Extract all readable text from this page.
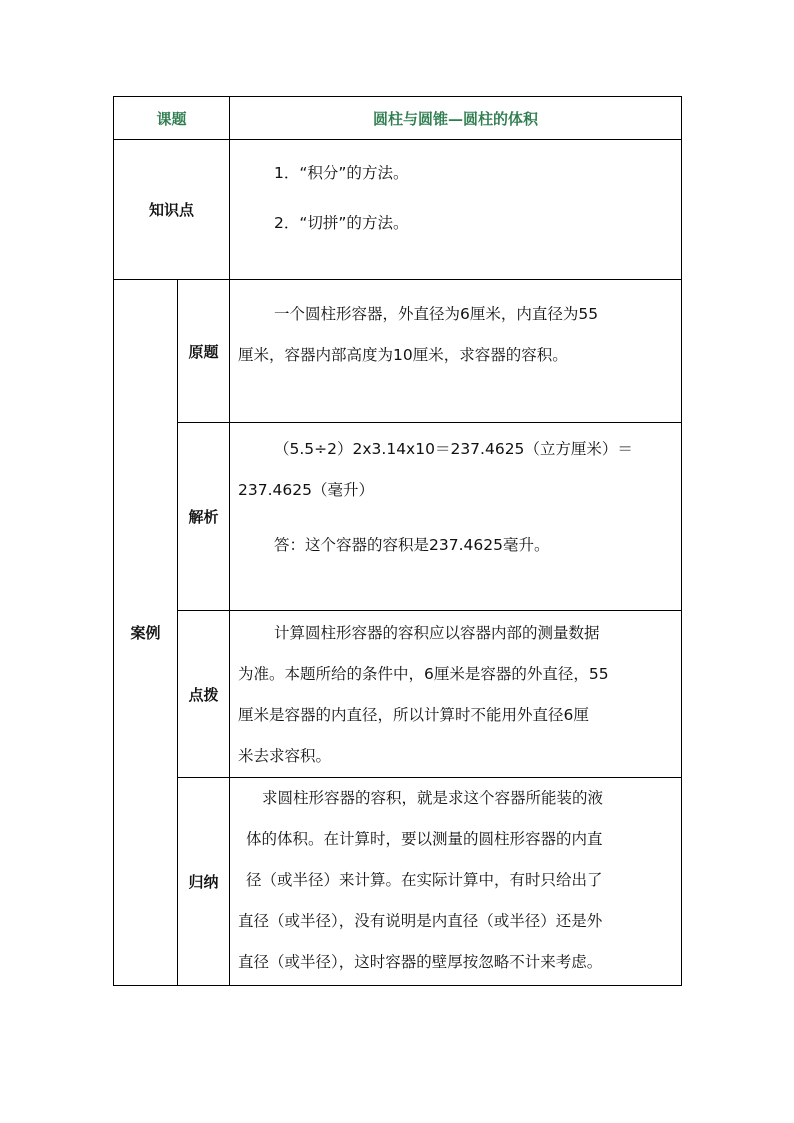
课题		圆柱与圆锥—圆柱的体积
知识点		1．“积分”的方法。

2．“切拼”的方法。

案例	原题	一个圆柱形容器，外直径为6厘米，内直径为55

厘米，容器内部高度为10厘米，求容器的容积。

	解析	（5.5÷2）2x3.14x10＝237.4625（立方厘米）＝

237.4625（毫升）

答：这个容器的容积是237.4625毫升。

	点拨	计算圆柱形容器的容积应以容器内部的测量数据

为准。本题所给的条件中，6厘米是容器的外直径，55

厘米是容器的内直径，所以计算时不能用外直径6厘

米去求容积。

	归纳	求圆柱形容器的容积，就是求这个容器所能装的液

体的体积。在计算时，要以测量的圆柱形容器的内直

径（或半径）来计算。在实际计算中，有时只给出了

直径（或半径），没有说明是内直径（或半径）还是外

直径（或半径），这时容器的壁厚按忽略不计来考虑。
